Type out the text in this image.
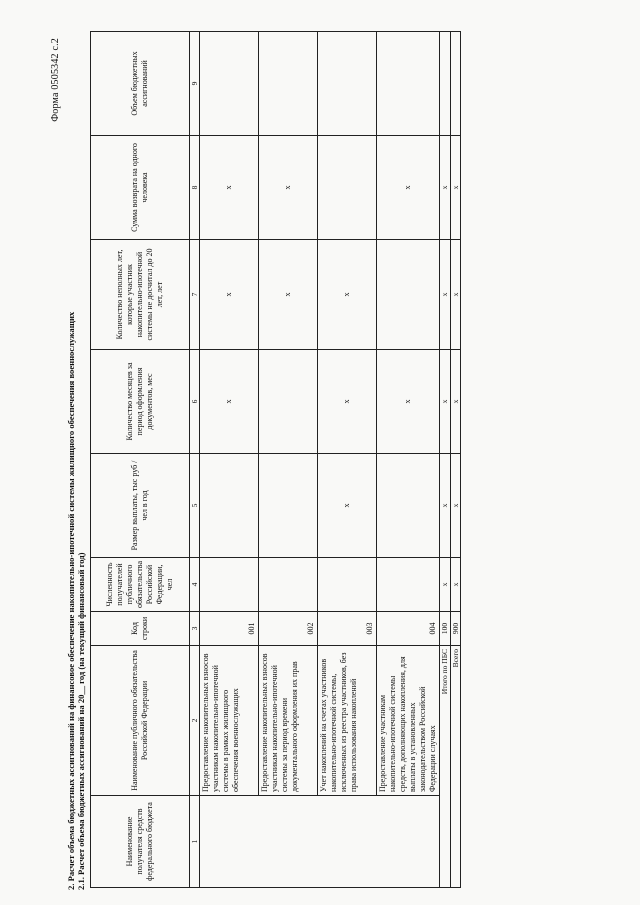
Форма 0505342 с.2
2. Расчет объема бюджетных ассигнований на финансовое обеспечение накопительно-ипотечной системы жилищного обеспечения военнослужащих 2.1. Расчет объема бюджетных ассигнований на 20__ год (на текущий финансовый год)	Наименование получателя средств федерального бюджета	Наименование публичного обязательства Российской Федерации	Код строки	Численность получателей публичного обязательства Российской Федерации, чел	Размер выплаты, тыс руб / чел в год	Количество месяцев за период оформления документов, мес	Количество неполных лет, которые участник накопительно-ипотечной системы не досчитал до 20 лет, лет	Сумма возврата на одного человека	Объем бюджетных ассигнований
1	2	3	4	5	6	7	8	9
	Предоставление накопительных взносов участникам накопительно-ипотечной системы в рамках жилищного обеспечения военнослужащих	001			x	x	x	
	Предоставление накопительных взносов участникам накопительно-ипотечной системы за период времени документального оформления их прав	002				x	x	
	Учет накоплений на счетах участников накопительно-ипотечной системы, исключенных из реестра участников, без права использования накоплений	003		x	x	x		
	Предоставление участникам накопительно-ипотечной системы средств, дополняющих накопления, для выплаты в установленных законодательством Российской Федерации случаях	004			x		x	
Итого по ПБС		100	x	x	x	x	x	
Всего		900	x	x	x	x	x	
